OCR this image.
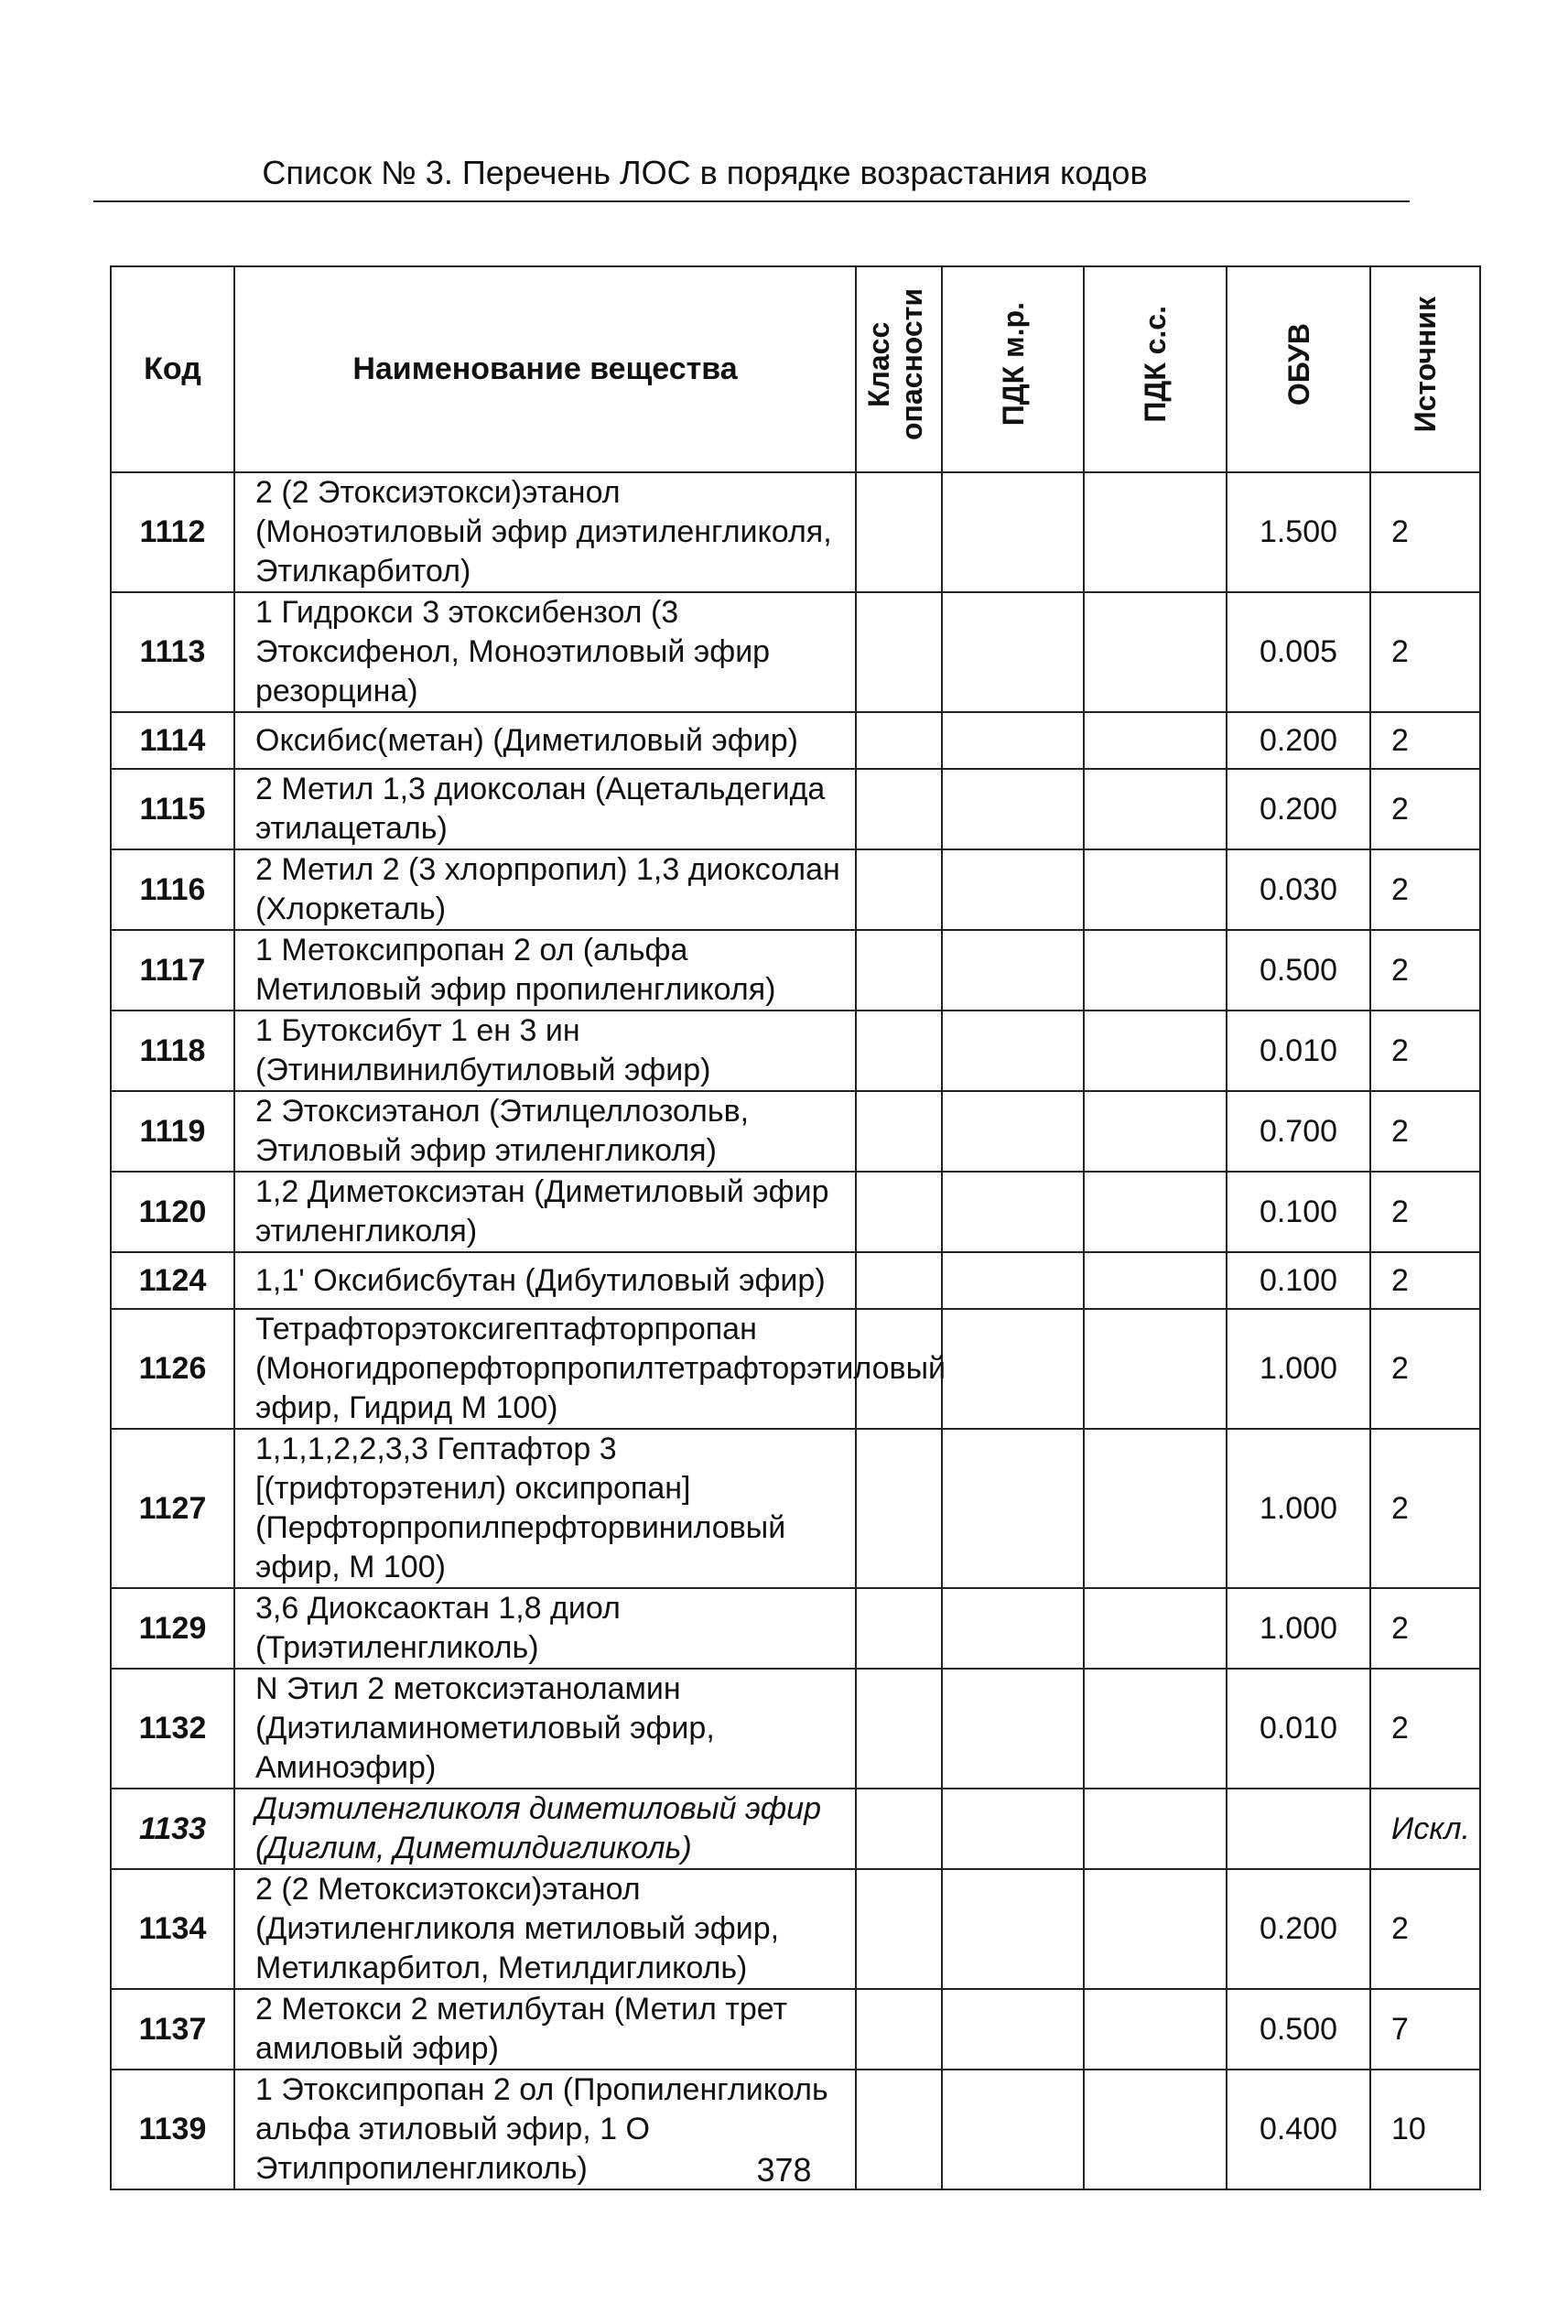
Список № 3. Перечень ЛОС в порядке возрастания кодов
Код	Наименование вещества	Класс опасности	ПДК м.р.	ПДК с.с.	ОБУВ	Источник
1112	2 (2 Этоксиэтокси)этанол (Моноэтиловый эфир диэтиленгликоля, Этилкарбитол)				1.500	2
1113	1 Гидрокси 3 этоксибензол (3 Этоксифенол, Моноэтиловый эфир резорцина)				0.005	2
1114	Оксибис(метан) (Диметиловый эфир)				0.200	2
1115	2 Метил 1,3 диоксолан (Ацетальдегида этилацеталь)				0.200	2
1116	2 Метил 2 (3 хлорпропил) 1,3 диоксолан (Хлоркеталь)				0.030	2
1117	1 Метоксипропан 2 ол (альфа Метиловый эфир пропиленгликоля)				0.500	2
1118	1 Бутоксибут 1 ен 3 ин (Этинилвинилбутиловый эфир)				0.010	2
1119	2 Этоксиэтанол (Этилцеллозольв, Этиловый эфир этиленгликоля)				0.700	2
1120	1,2 Диметоксиэтан (Диметиловый эфир этиленгликоля)				0.100	2
1124	1,1' Оксибисбутан (Дибутиловый эфир)				0.100	2
1126	Тетрафторэтоксигептафторпропан (Моногидроперфторпропилтетрафторэтиловый эфир, Гидрид М 100)				1.000	2
1127	1,1,1,2,2,3,3 Гептафтор 3 [(трифторэтенил) оксипропан] (Перфторпропилперфторвиниловый эфир, М 100)				1.000	2
1129	3,6 Диоксаоктан 1,8 диол (Триэтиленгликоль)				1.000	2
1132	N Этил 2 метоксиэтаноламин (Диэтиламинометиловый эфир, Аминоэфир)				0.010	2
1133	Диэтиленгликоля диметиловый эфир (Диглим, Диметилдигликоль)					Искл.
1134	2 (2 Метоксиэтокси)этанол (Диэтиленгликоля метиловый эфир, Метилкарбитол, Метилдигликоль)				0.200	2
1137	2 Метокси 2 метилбутан (Метил трет амиловый эфир)				0.500	7
1139	1 Этоксипропан 2 ол (Пропиленгликоль альфа этиловый эфир, 1 О Этилпропиленгликоль)				0.400	10
378
